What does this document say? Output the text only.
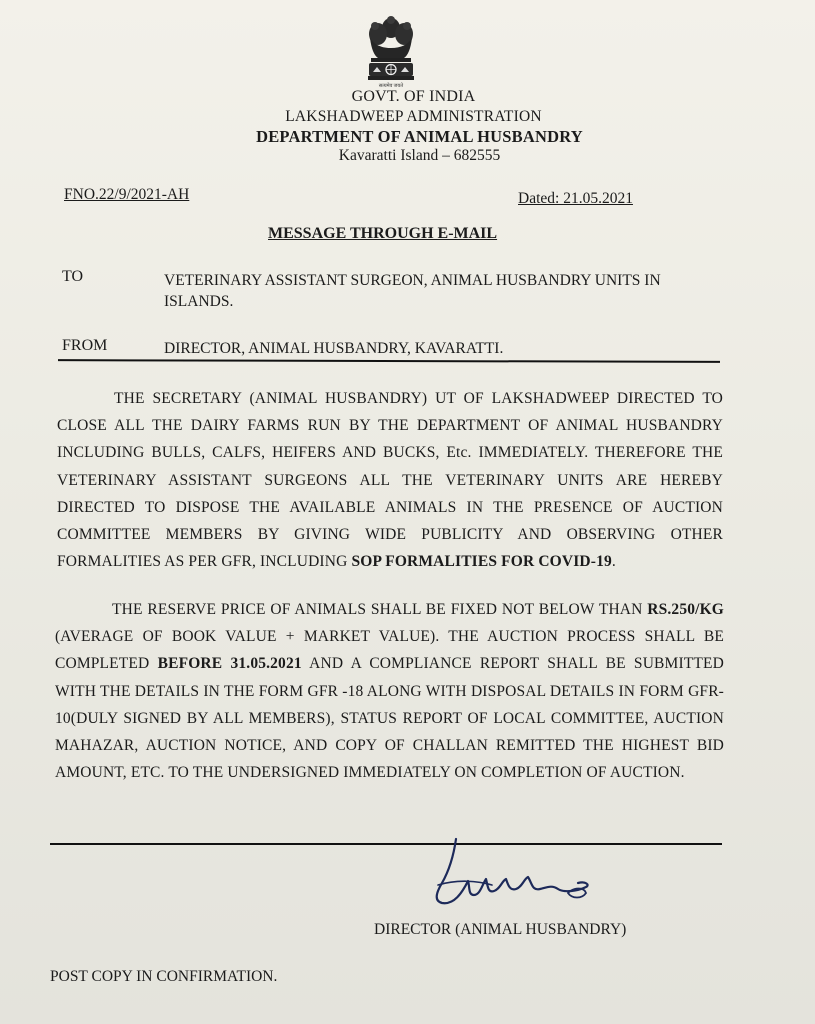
सत्यमेव जयते
GOVT. OF INDIA
LAKSHADWEEP ADMINISTRATION
DEPARTMENT OF ANIMAL HUSBANDRY
Kavaratti Island – 682555
FNO.22/9/2021-AH	Dated: 21.05.2021
MESSAGE THROUGH E-MAIL
TO	VETERINARY ASSISTANT SURGEON, ANIMAL HUSBANDRY UNITS IN ISLANDS.
FROM	DIRECTOR, ANIMAL HUSBANDRY, KAVARATTI.
THE SECRETARY (ANIMAL HUSBANDRY) UT OF LAKSHADWEEP DIRECTED TO CLOSE ALL THE DAIRY FARMS RUN BY THE DEPARTMENT OF ANIMAL HUSBANDRY INCLUDING BULLS, CALFS, HEIFERS AND BUCKS, Etc. IMMEDIATELY. THEREFORE THE VETERINARY ASSISTANT SURGEONS ALL THE VETERINARY UNITS ARE HEREBY DIRECTED TO DISPOSE THE AVAILABLE ANIMALS IN THE PRESENCE OF AUCTION COMMITTEE MEMBERS BY GIVING WIDE PUBLICITY AND OBSERVING OTHER FORMALITIES AS PER GFR, INCLUDING SOP FORMALITIES FOR COVID-19.
THE RESERVE PRICE OF ANIMALS SHALL BE FIXED NOT BELOW THAN RS.250/KG (AVERAGE OF BOOK VALUE + MARKET VALUE). THE AUCTION PROCESS SHALL BE COMPLETED BEFORE 31.05.2021 AND A COMPLIANCE REPORT SHALL BE SUBMITTED WITH THE DETAILS IN THE FORM GFR -18 ALONG WITH DISPOSAL DETAILS IN FORM GFR-10(DULY SIGNED BY ALL MEMBERS), STATUS REPORT OF LOCAL COMMITTEE, AUCTION MAHAZAR, AUCTION NOTICE, AND COPY OF CHALLAN REMITTED THE HIGHEST BID AMOUNT, ETC. TO THE UNDERSIGNED IMMEDIATELY ON COMPLETION OF AUCTION.
DIRECTOR (ANIMAL HUSBANDRY)
POST COPY IN CONFIRMATION.
